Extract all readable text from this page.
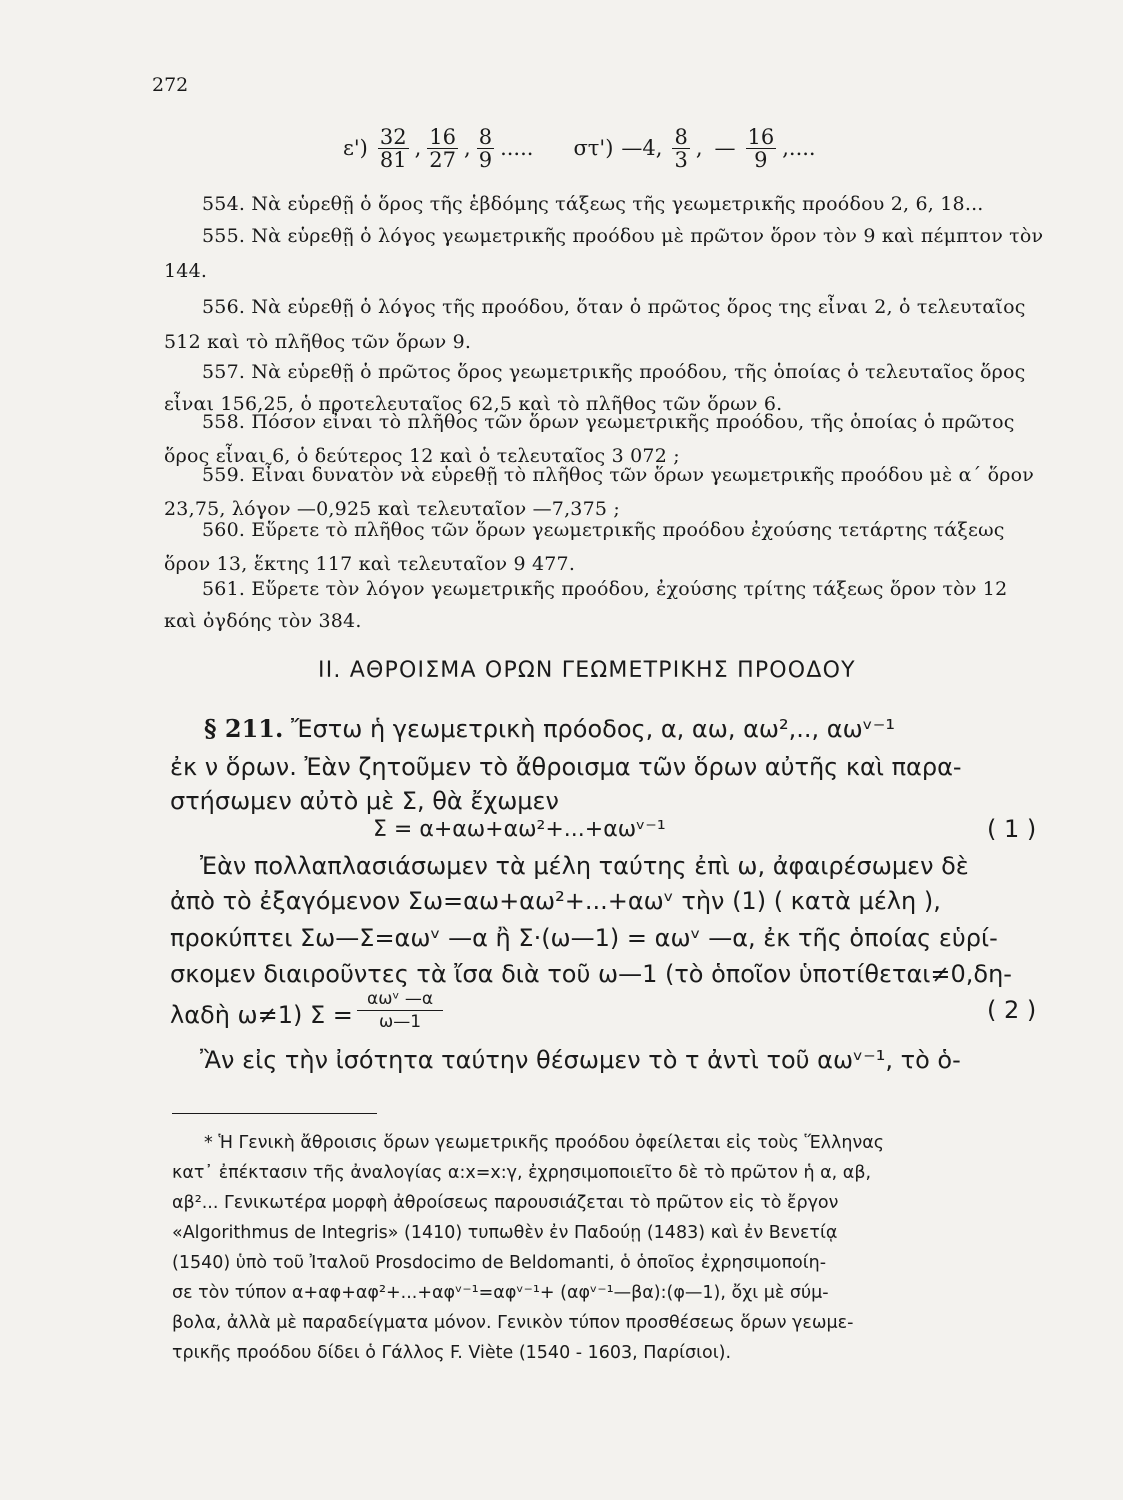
272
$\varepsilon') \frac{32}{81}$ , $\frac{16}{27}$ , $\frac{8}{9}$ ..... στ') —4, $\frac{8}{3}$ , — $\frac{16}{9}$ ,....
554. Νὰ εὑρεθῇ ὁ ὅρος τῆς ἑβδόμης τάξεως τῆς γεωμετρικῆς προόδου 2, 6, 18...
555. Νὰ εὑρεθῇ ὁ λόγος γεωμετρικῆς προόδου μὲ πρῶτον ὅρον τὸν 9 καὶ πέμπτον τὸν 144.
556. Νὰ εὑρεθῇ ὁ λόγος τῆς προόδου, ὅταν ὁ πρῶτος ὅρος της εἶναι 2, ὁ τελευταῖος 512 καὶ τὸ πλῆθος τῶν ὅρων 9.
557. Νὰ εὑρεθῇ ὁ πρῶτος ὅρος γεωμετρικῆς προόδου, τῆς ὁποίας ὁ τελευταῖος ὅρος εἶναι 156,25, ὁ προτελευταῖος 62,5 καὶ τὸ πλῆθος τῶν ὅρων 6.
558. Πόσον εἶναι τὸ πλῆθος τῶν ὅρων γεωμετρικῆς προόδου, τῆς ὁποίας ὁ πρῶτος ὅρος εἶναι 6, ὁ δεύτερος 12 καὶ ὁ τελευταῖος 3 072 ;
559. Εἶναι δυνατὸν νὰ εὑρεθῇ τὸ πλῆθος τῶν ὅρων γεωμετρικῆς προόδου μὲ α΄ ὅρον 23,75, λόγον —0,925 καὶ τελευταῖον —7,375 ;
560. Εὕρετε τὸ πλῆθος τῶν ὅρων γεωμετρικῆς προόδου ἐχούσης τετάρτης τάξεως ὅρον 13, ἕκτης 117 καὶ τελευταῖον 9 477.
561. Εὕρετε τὸν λόγον γεωμετρικῆς προόδου, ἐχούσης τρίτης τάξεως ὅρον τὸν 12 καὶ ὀγδόης τὸν 384.
ΙΙ. ΑΘΡΟΙΣΜΑ ΟΡΩΝ ΓΕΩΜΕΤΡΙΚΗΣ ΠΡΟΟΔΟΥ
§ 211. Ἔστω ἡ γεωμετρικὴ πρόοδος, α, αω, αω²,.., αωᵛ⁻¹
ἐκ ν ὅρων. Ἐὰν ζητοῦμεν τὸ ἄθροισμα τῶν ὅρων αὐτῆς καὶ παρα-
στήσωμεν αὐτὸ μὲ Σ, θὰ ἔχωμεν
Σ = α+αω+αω²+...+αωᵛ⁻¹	( 1 )
Ἐὰν πολλαπλασιάσωμεν τὰ μέλη ταύτης ἐπὶ ω, ἀφαιρέσωμεν δὲ
ἀπὸ τὸ ἐξαγόμενον Σω=αω+αω²+...+αωᵛ τὴν (1) ( κατὰ μέλη ),
προκύπτει Σω—Σ=αωᵛ —α ἢ Σ·(ω—1) = αωᵛ —α, ἐκ τῆς ὁποίας εὑρί-
σκομεν διαιροῦντες τὰ ἴσα διὰ τοῦ ω—1 (τὸ ὁποῖον ὑποτίθεται≠0,δη-
λαδὴ ω≠1) Σ =
αωᵛ —α
ω—1	( 2 )
Ἂν εἰς τὴν ἰσότητα ταύτην θέσωμεν τὸ τ ἀντὶ τοῦ αωᵛ⁻¹, τὸ ὁ-
* Ἡ Γενικὴ ἄθροισις ὅρων γεωμετρικῆς προόδου ὀφείλεται εἰς τοὺς Ἕλληνας
κατ᾽ ἐπέκτασιν τῆς ἀναλογίας α:x=x:γ, ἐχρησιμοποιεῖτο δὲ τὸ πρῶτον ἡ α, αβ,
αβ²... Γενικωτέρα μορφὴ ἀθροίσεως παρουσιάζεται τὸ πρῶτον εἰς τὸ ἔργον
«Algorithmus de Integris» (1410) τυπωθὲν ἐν Παδούῃ (1483) καὶ ἐν Βενετίᾳ
(1540) ὑπὸ τοῦ Ἰταλοῦ Prosdocimo de Beldomanti, ὁ ὁποῖος ἐχρησιμοποίη-
σε τὸν τύπον α+αφ+αφ²+...+αφᵛ⁻¹=αφᵛ⁻¹+ (αφᵛ⁻¹—βα):(φ—1), ὄχι μὲ σύμ-
βολα, ἀλλὰ μὲ παραδείγματα μόνον. Γενικὸν τύπον προσθέσεως ὅρων γεωμε-
τρικῆς προόδου δίδει ὁ Γάλλος F. Viète (1540 - 1603, Παρίσιοι).
